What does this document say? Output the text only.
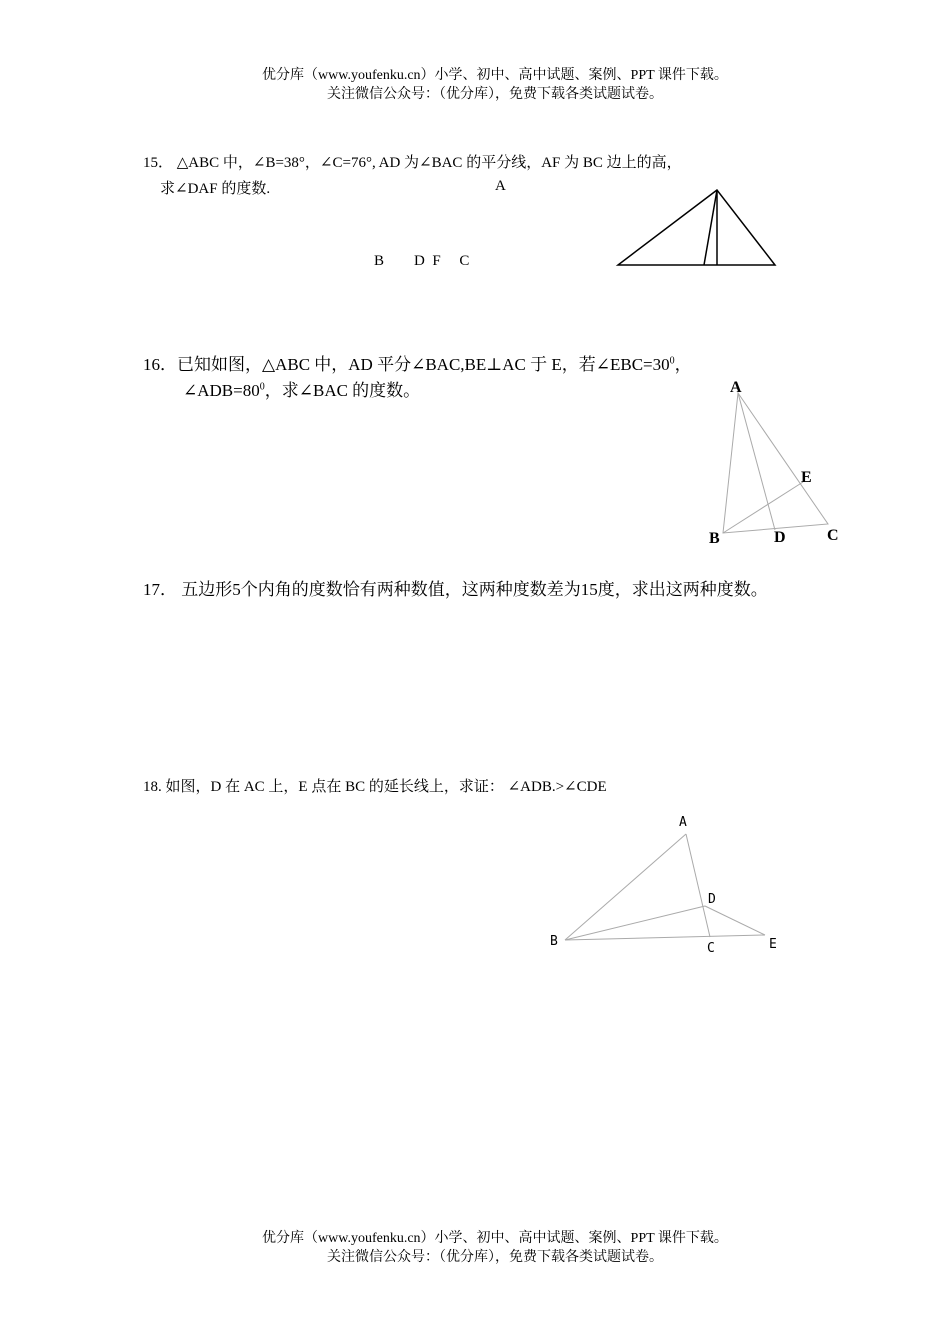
优分库（www.youfenku.cn）小学、初中、高中试题、案例、PPT 课件下载。
关注微信公众号：（优分库），免费下载各类试题试卷。
15． △ABC 中，∠B=38°，∠C=76°, AD 为∠BAC 的平分线，AF 为 BC 边上的高，
求∠DAF 的度数.	A
B        D  F     C
16．已知如图，△ABC 中，AD 平分∠BAC,BE⊥AC 于 E，若$\angle EBC=30^0$，
$\angle ADB=80^0$，求∠BAC 的度数。	A
E
B	D	C
17． 五边形5个内角的度数恰有两种数值，这两种度数差为15度，求出这两种度数。
18. 如图，D 在 AC 上，E 点在 BC 的延长线上，求证： ∠ADB.>∠CDE
A
D
B	C	E
优分库（www.youfenku.cn）小学、初中、高中试题、案例、PPT 课件下载。
关注微信公众号：（优分库），免费下载各类试题试卷。
